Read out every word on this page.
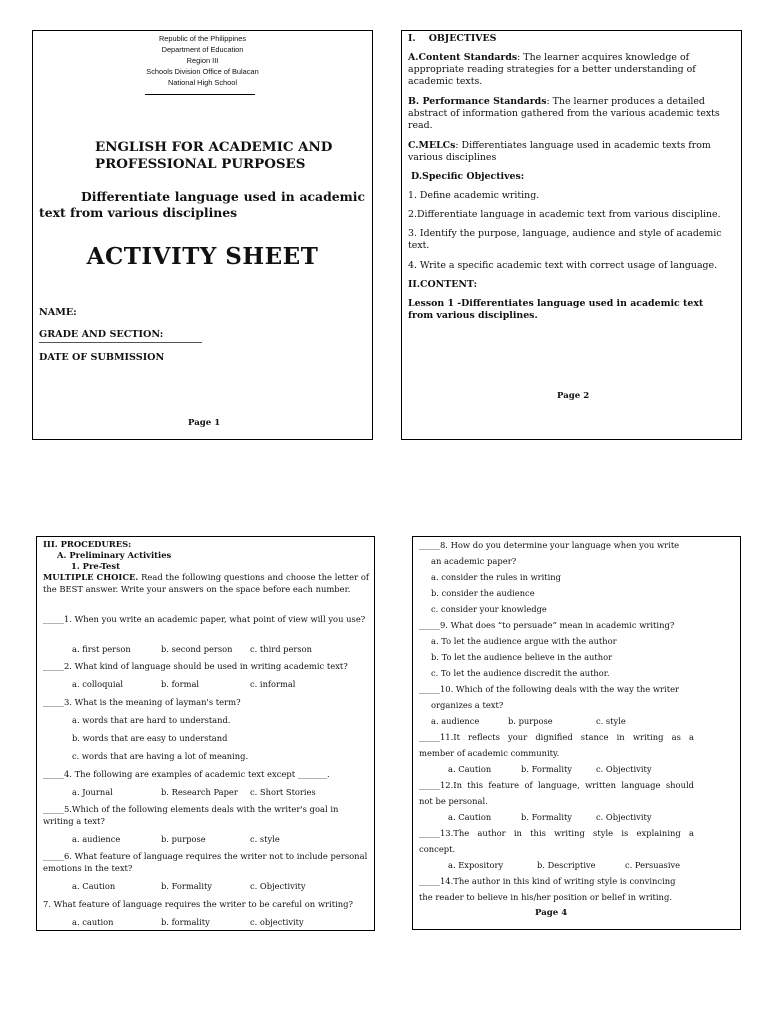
Republic of the Philippines
Department of Education
Region III
Schools Division Office of Bulacan
National High School
ENGLISH FOR ACADEMIC AND
PROFESSIONAL PURPOSES
Differentiate language used in academic text from various disciplines
ACTIVITY SHEET
NAME:
GRADE AND SECTION:
DATE OF SUBMISSION
Page 1
I.    OBJECTIVES
A.Content Standards: The learner acquires knowledge of appropriate reading strategies for a better understanding of academic texts.
B. Performance Standards: The learner produces a detailed abstract of information gathered from the various academic texts read.
C.MELCs: Differentiates language used in academic texts from various disciplines
D.Specific Objectives:
1. Define academic writing.
2.Differentiate language in academic text from various discipline.
3. Identify the purpose, language, audience and style of academic text.
4. Write a specific academic text with correct usage of language.
II.CONTENT:
Lesson 1 -Differentiates language used in academic text from various disciplines.
Page 2
III. PROCEDURES:
A. Preliminary Activities
1. Pre-Test
MULTIPLE CHOICE. Read the following questions and choose the letter of the BEST answer. Write your answers on the space before each number.
_____1. When you write an academic paper, what point of view will you use?
a. first person	b. second person c. third person
_____2. What kind of language should be used in writing academic text?
a. colloquial	b. formal	c. informal
_____3. What is the meaning of layman's term?
a. words that are hard to understand.
b. words that are easy to understand
c. words that are having a lot of meaning.
_____4. The following are examples of academic text except _______.
a. Journal	b. Research Paper c. Short Stories
_____5.Which of the following elements deals with the writer's goal in writing a text?
a. audience	b. purpose	c. style
_____6. What feature of language requires the writer not to include personal emotions in the text?
a. Caution	b. Formality	c. Objectivity
7. What feature of language requires the writer to be careful on writing?
a. caution	b. formality	c. objectivity
_____8. How do you determine your language when you write
an academic paper?
a. consider the rules in writing
b. consider the audience
c. consider your knowledge
_____9. What does “to persuade” mean in academic writing?
a. To let the audience argue with the author
b. To let the audience believe in the author
c. To let the audience discredit the author.
_____10. Which of the following deals with the way the writer
organizes a text?
a. audience	b. purpose	c. style
_____11.It reflects your dignified stance in writing as a
member of academic community.
a. Caution	b. Formality	c. Objectivity
_____12.In this feature of language, written language should
not be personal.
a. Caution	b. Formality	c. Objectivity
_____13.The author in this writing style is explaining a
concept.
a. Expository	b. Descriptive	c. Persuasive
_____14.The author in this kind of writing style is convincing
the reader to believe in his/her position or belief in writing.
Page 4
